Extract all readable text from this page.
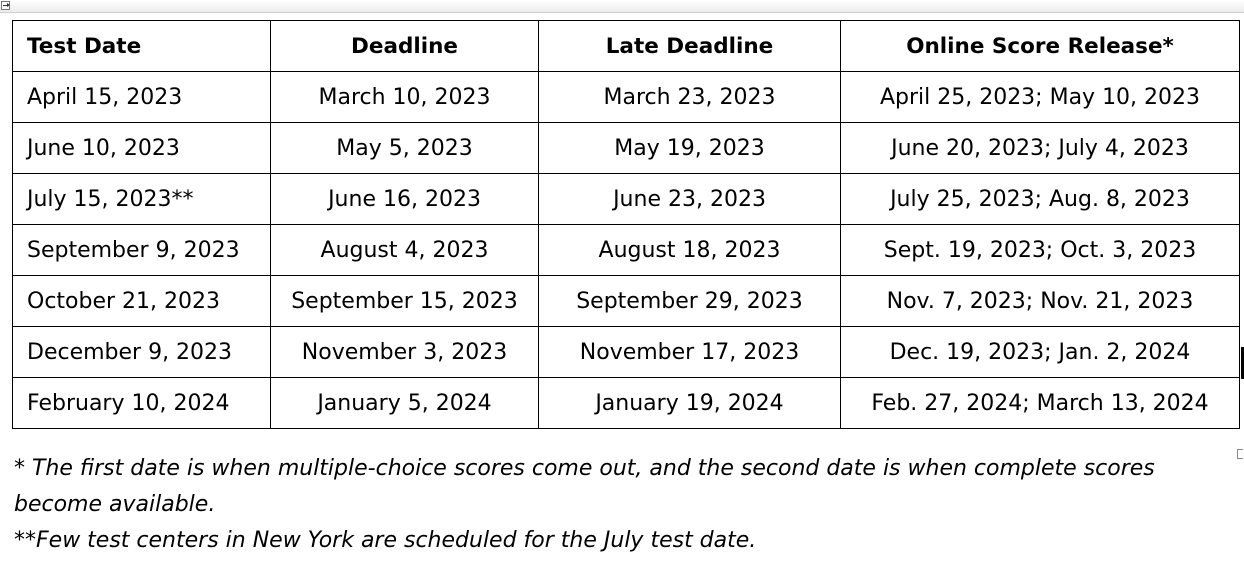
Test Date	Deadline	Late Deadline	Online Score Release*
April 15, 2023	March 10, 2023	March 23, 2023	April 25, 2023; May 10, 2023
June 10, 2023	May 5, 2023	May 19, 2023	June 20, 2023; July 4, 2023
July 15, 2023**	June 16, 2023	June 23, 2023	July 25, 2023; Aug. 8, 2023
September 9, 2023	August 4, 2023	August 18, 2023	Sept. 19, 2023; Oct. 3, 2023
October 21, 2023	September 15, 2023	September 29, 2023	Nov. 7, 2023; Nov. 21, 2023
December 9, 2023	November 3, 2023	November 17, 2023	Dec. 19, 2023; Jan. 2, 2024
February 10, 2024	January 5, 2024	January 19, 2024	Feb. 27, 2024; March 13, 2024

* The first date is when multiple-choice scores come out, and the second date is when complete scores become available.

**Few test centers in New York are scheduled for the July test date.
